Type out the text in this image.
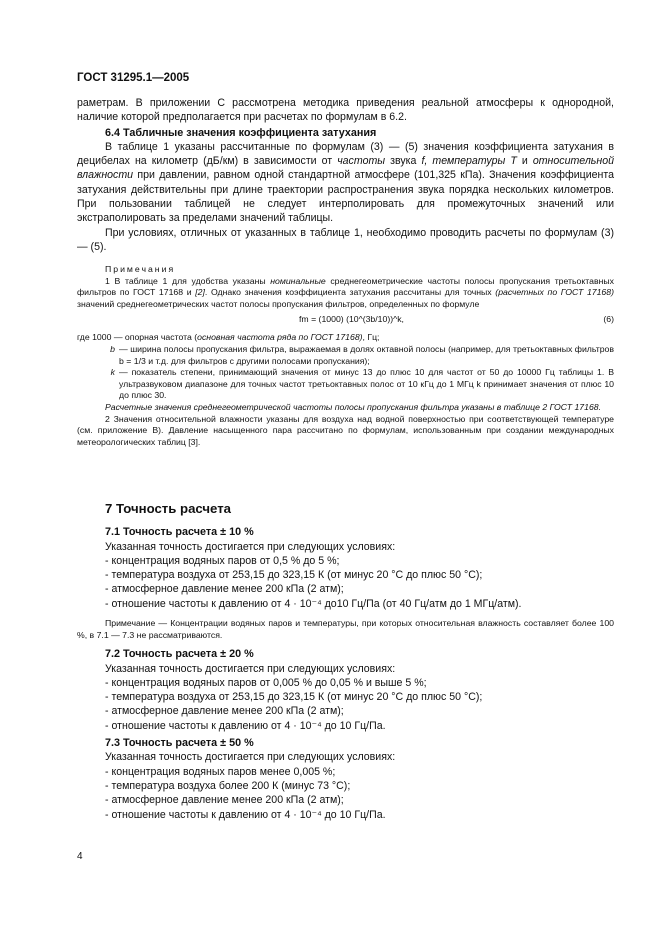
ГОСТ 31295.1—2005

раметрам. В приложении С рассмотрена методика приведения реальной атмосферы к однородной, наличие которой предполагается при расчетах по формулам в 6.2.

6.4 Табличные значения коэффициента затухания

В таблице 1 указаны рассчитанные по формулам (3) — (5) значения коэффициента затухания в децибелах на километр (дБ/км) в зависимости от частоты звука f, температуры T и относительной влажности при давлении, равном одной стандартной атмосфере (101,325 кПа). Значения коэффициента затухания действительны при длине траектории распространения звука порядка нескольких километров. При пользовании таблицей не следует интерполировать для промежуточных значений или экстраполировать за пределами значений таблицы.

При условиях, отличных от указанных в таблице 1, необходимо проводить расчеты по формулам (3) — (5).

Примечания

1 В таблице 1 для удобства указаны номинальные среднегеометрические частоты полосы пропускания третьоктавных фильтров по ГОСТ 17168 и [2]. Однако значения коэффициента затухания рассчитаны для точных (расчетных по ГОСТ 17168) значений среднегеометрических частот полосы пропускания фильтров, определенных по формуле

fm = (1000) (10^(3b/10))^k,	(6)

где 1000 — опорная частота (основная частота ряда по ГОСТ 17168), Гц;

b — ширина полосы пропускания фильтра, выражаемая в долях октавной полосы (например, для третьоктавных фильтров b = 1/3 и т.д. для фильтров с другими полосами пропускания);
k — показатель степени, принимающий значения от минус 13 до плюс 10 для частот от 50 до 10000 Гц таблицы 1. В ультразвуковом диапазоне для точных частот третьоктавных полос от 10 кГц до 1 МГц k принимает значения от плюс 10 до плюс 30.

Расчетные значения среднегеометрической частоты полосы пропускания фильтра указаны в таблице 2 ГОСТ 17168.

2 Значения относительной влажности указаны для воздуха над водной поверхностью при соответствующей температуре (см. приложение В). Давление насыщенного пара рассчитано по формулам, использованным при создании международных метеорологических таблиц [3].

7 Точность расчета

7.1 Точность расчета ± 10 %

Указанная точность достигается при следующих условиях:

- концентрация водяных паров от 0,5 % до 5 %;

- температура воздуха от 253,15 до 323,15 К (от минус 20 °С до плюс 50 °С);

- атмосферное давление менее 200 кПа (2 атм);

- отношение частоты к давлению от 4 · 10⁻⁴ до10 Гц/Па (от 40 Гц/атм до 1 МГц/атм).

Примечание — Концентрации водяных паров и температуры, при которых относительная влажность составляет более 100 %, в 7.1 — 7.3 не рассматриваются.

7.2 Точность расчета ± 20 %

Указанная точность достигается при следующих условиях:

- концентрация водяных паров от 0,005 % до 0,05 % и выше 5 %;

- температура воздуха от 253,15 до 323,15 К (от минус 20 °С до плюс 50 °С);

- атмосферное давление менее 200 кПа (2 атм);

- отношение частоты к давлению от 4 · 10⁻⁴ до 10 Гц/Па.

7.3 Точность расчета ± 50 %

Указанная точность достигается при следующих условиях:

- концентрация водяных паров менее 0,005 %;

- температура воздуха более 200 К (минус 73 °С);

- атмосферное давление менее 200 кПа (2 атм);

- отношение частоты к давлению от 4 · 10⁻⁴ до 10 Гц/Па.

4
